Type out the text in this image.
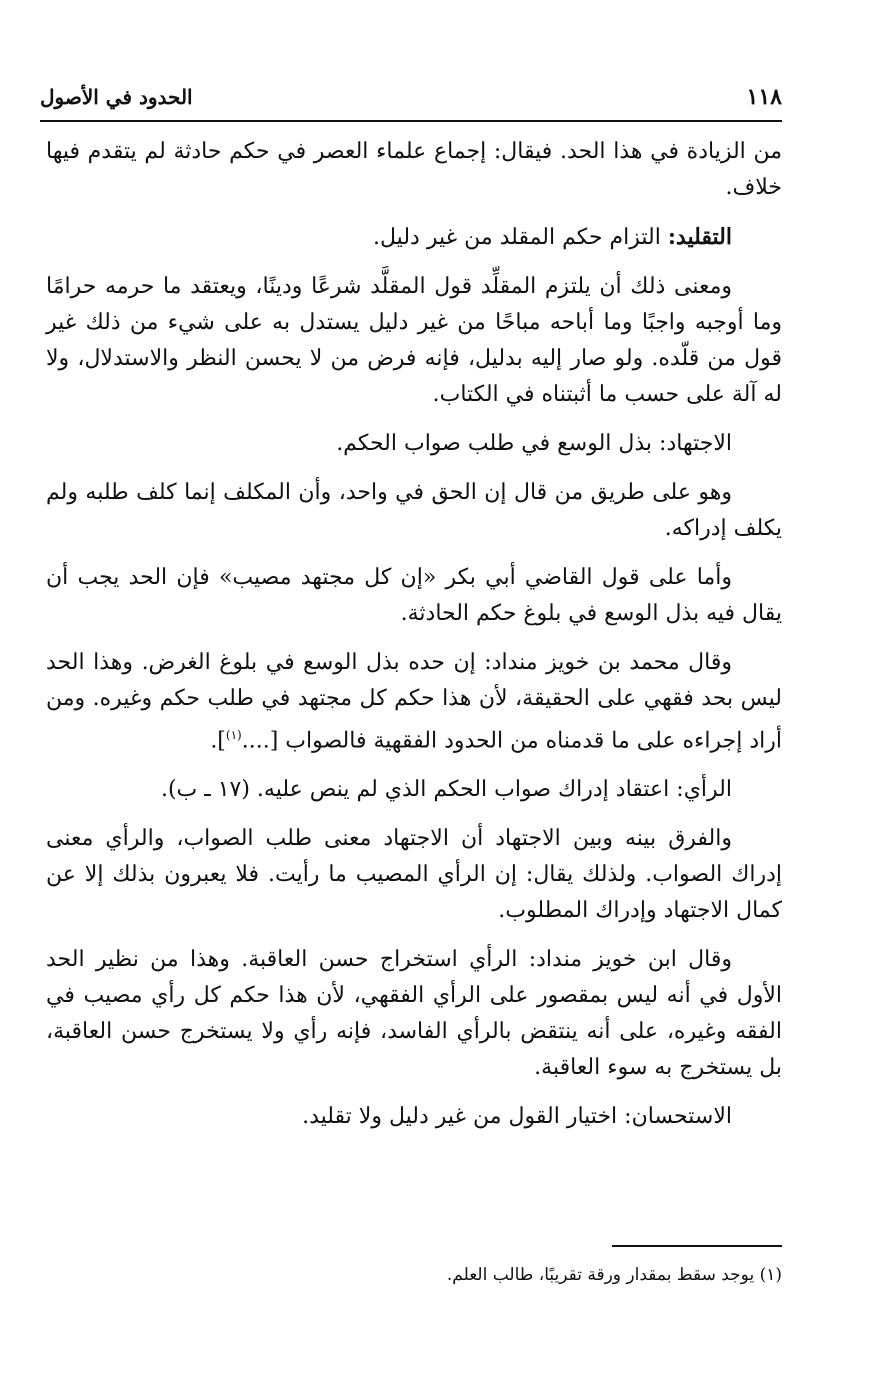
١١٨
الحدود في الأصول

من الزيادة في هذا الحد. فيقال: إجماع علماء العصر في حكم حادثة لم يتقدم فيها خلاف.

التقليد: التزام حكم المقلد من غير دليل.

ومعنى ذلك أن يلتزم المقلِّد قول المقلَّد شرعًا ودينًا، ويعتقد ما حرمه حرامًا وما أوجبه واجبًا وما أباحه مباحًا من غير دليل يستدل به على شيء من ذلك غير قول من قلّده. ولو صار إليه بدليل، فإنه فرض من لا يحسن النظر والاستدلال، ولا له آلة على حسب ما أثبتناه في الكتاب.

الاجتهاد: بذل الوسع في طلب صواب الحكم.

وهو على طريق من قال إن الحق في واحد، وأن المكلف إنما كلف طلبه ولم يكلف إدراكه.

وأما على قول القاضي أبي بكر «إن كل مجتهد مصيب» فإن الحد يجب أن يقال فيه بذل الوسع في بلوغ حكم الحادثة.

وقال محمد بن خويز منداد: إن حده بذل الوسع في بلوغ الغرض. وهذا الحد ليس بحد فقهي على الحقيقة، لأن هذا حكم كل مجتهد في طلب حكم وغيره. ومن أراد إجراءه على ما قدمناه من الحدود الفقهية فالصواب [....$^{(١)}$].

الرأي: اعتقاد إدراك صواب الحكم الذي لم ينص عليه. (١٧ ـ ب).

والفرق بينه وبين الاجتهاد أن الاجتهاد معنى طلب الصواب، والرأي معنى إدراك الصواب. ولذلك يقال: إن الرأي المصيب ما رأيت. فلا يعبرون بذلك إلا عن كمال الاجتهاد وإدراك المطلوب.

وقال ابن خويز منداد: الرأي استخراج حسن العاقبة. وهذا من نظير الحد الأول في أنه ليس بمقصور على الرأي الفقهي، لأن هذا حكم كل رأي مصيب في الفقه وغيره، على أنه ينتقض بالرأي الفاسد، فإنه رأي ولا يستخرج حسن العاقبة، بل يستخرج به سوء العاقبة.

الاستحسان: اختيار القول من غير دليل ولا تقليد.

(١) يوجد سقط بمقدار ورقة تقريبًا، طالب العلم.
